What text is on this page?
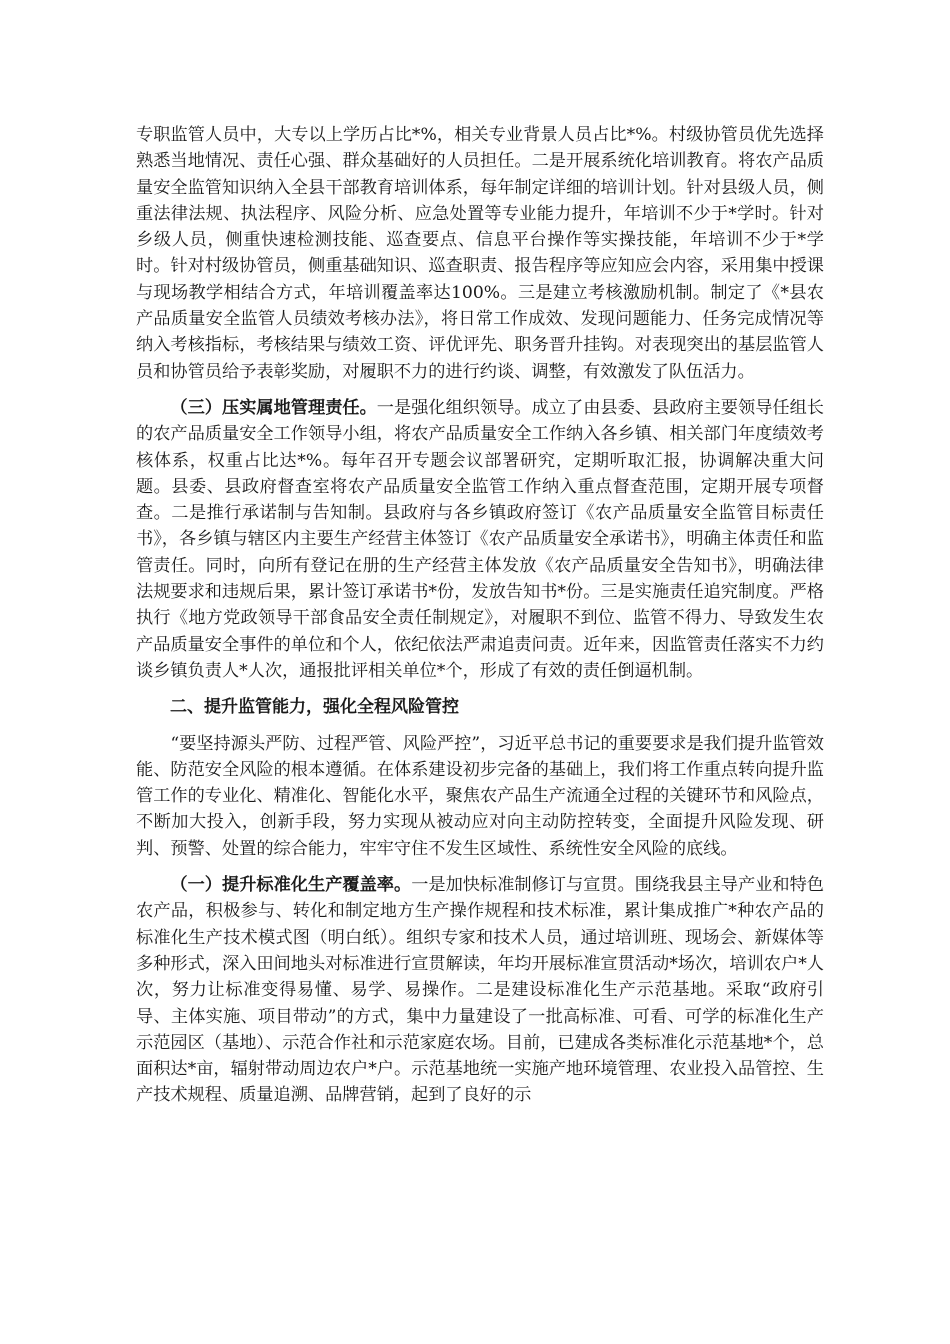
专职监管人员中，大专以上学历占比*%，相关专业背景人员占比*%。村级协管员优先选择熟悉当地情况、责任心强、群众基础好的人员担任。二是开展系统化培训教育。将农产品质量安全监管知识纳入全县干部教育培训体系，每年制定详细的培训计划。针对县级人员，侧重法律法规、执法程序、风险分析、应急处置等专业能力提升，年培训不少于*学时。针对乡级人员，侧重快速检测技能、巡查要点、信息平台操作等实操技能，年培训不少于*学时。针对村级协管员，侧重基础知识、巡查职责、报告程序等应知应会内容，采用集中授课与现场教学相结合方式，年培训覆盖率达100%。三是建立考核激励机制。制定了《*县农产品质量安全监管人员绩效考核办法》，将日常工作成效、发现问题能力、任务完成情况等纳入考核指标，考核结果与绩效工资、评优评先、职务晋升挂钩。对表现突出的基层监管人员和协管员给予表彰奖励，对履职不力的进行约谈、调整，有效激发了队伍活力。

（三）压实属地管理责任。一是强化组织领导。成立了由县委、县政府主要领导任组长的农产品质量安全工作领导小组，将农产品质量安全工作纳入各乡镇、相关部门年度绩效考核体系，权重占比达*%。每年召开专题会议部署研究，定期听取汇报，协调解决重大问题。县委、县政府督查室将农产品质量安全监管工作纳入重点督查范围，定期开展专项督查。二是推行承诺制与告知制。县政府与各乡镇政府签订《农产品质量安全监管目标责任书》，各乡镇与辖区内主要生产经营主体签订《农产品质量安全承诺书》，明确主体责任和监管责任。同时，向所有登记在册的生产经营主体发放《农产品质量安全告知书》，明确法律法规要求和违规后果，累计签订承诺书*份，发放告知书*份。三是实施责任追究制度。严格执行《地方党政领导干部食品安全责任制规定》，对履职不到位、监管不得力、导致发生农产品质量安全事件的单位和个人，依纪依法严肃追责问责。近年来，因监管责任落实不力约谈乡镇负责人*人次，通报批评相关单位*个，形成了有效的责任倒逼机制。

二、提升监管能力，强化全程风险管控

“要坚持源头严防、过程严管、风险严控”，习近平总书记的重要要求是我们提升监管效能、防范安全风险的根本遵循。在体系建设初步完备的基础上，我们将工作重点转向提升监管工作的专业化、精准化、智能化水平，聚焦农产品生产流通全过程的关键环节和风险点，不断加大投入，创新手段，努力实现从被动应对向主动防控转变，全面提升风险发现、研判、预警、处置的综合能力，牢牢守住不发生区域性、系统性安全风险的底线。

（一）提升标准化生产覆盖率。一是加快标准制修订与宣贯。围绕我县主导产业和特色农产品，积极参与、转化和制定地方生产操作规程和技术标准，累计集成推广*种农产品的标准化生产技术模式图（明白纸）。组织专家和技术人员，通过培训班、现场会、新媒体等多种形式，深入田间地头对标准进行宣贯解读，年均开展标准宣贯活动*场次，培训农户*人次，努力让标准变得易懂、易学、易操作。二是建设标准化生产示范基地。采取“政府引导、主体实施、项目带动”的方式，集中力量建设了一批高标准、可看、可学的标准化生产示范园区（基地）、示范合作社和示范家庭农场。目前，已建成各类标准化示范基地*个，总面积达*亩，辐射带动周边农户*户。示范基地统一实施产地环境管理、农业投入品管控、生产技术规程、质量追溯、品牌营销，起到了良好的示
